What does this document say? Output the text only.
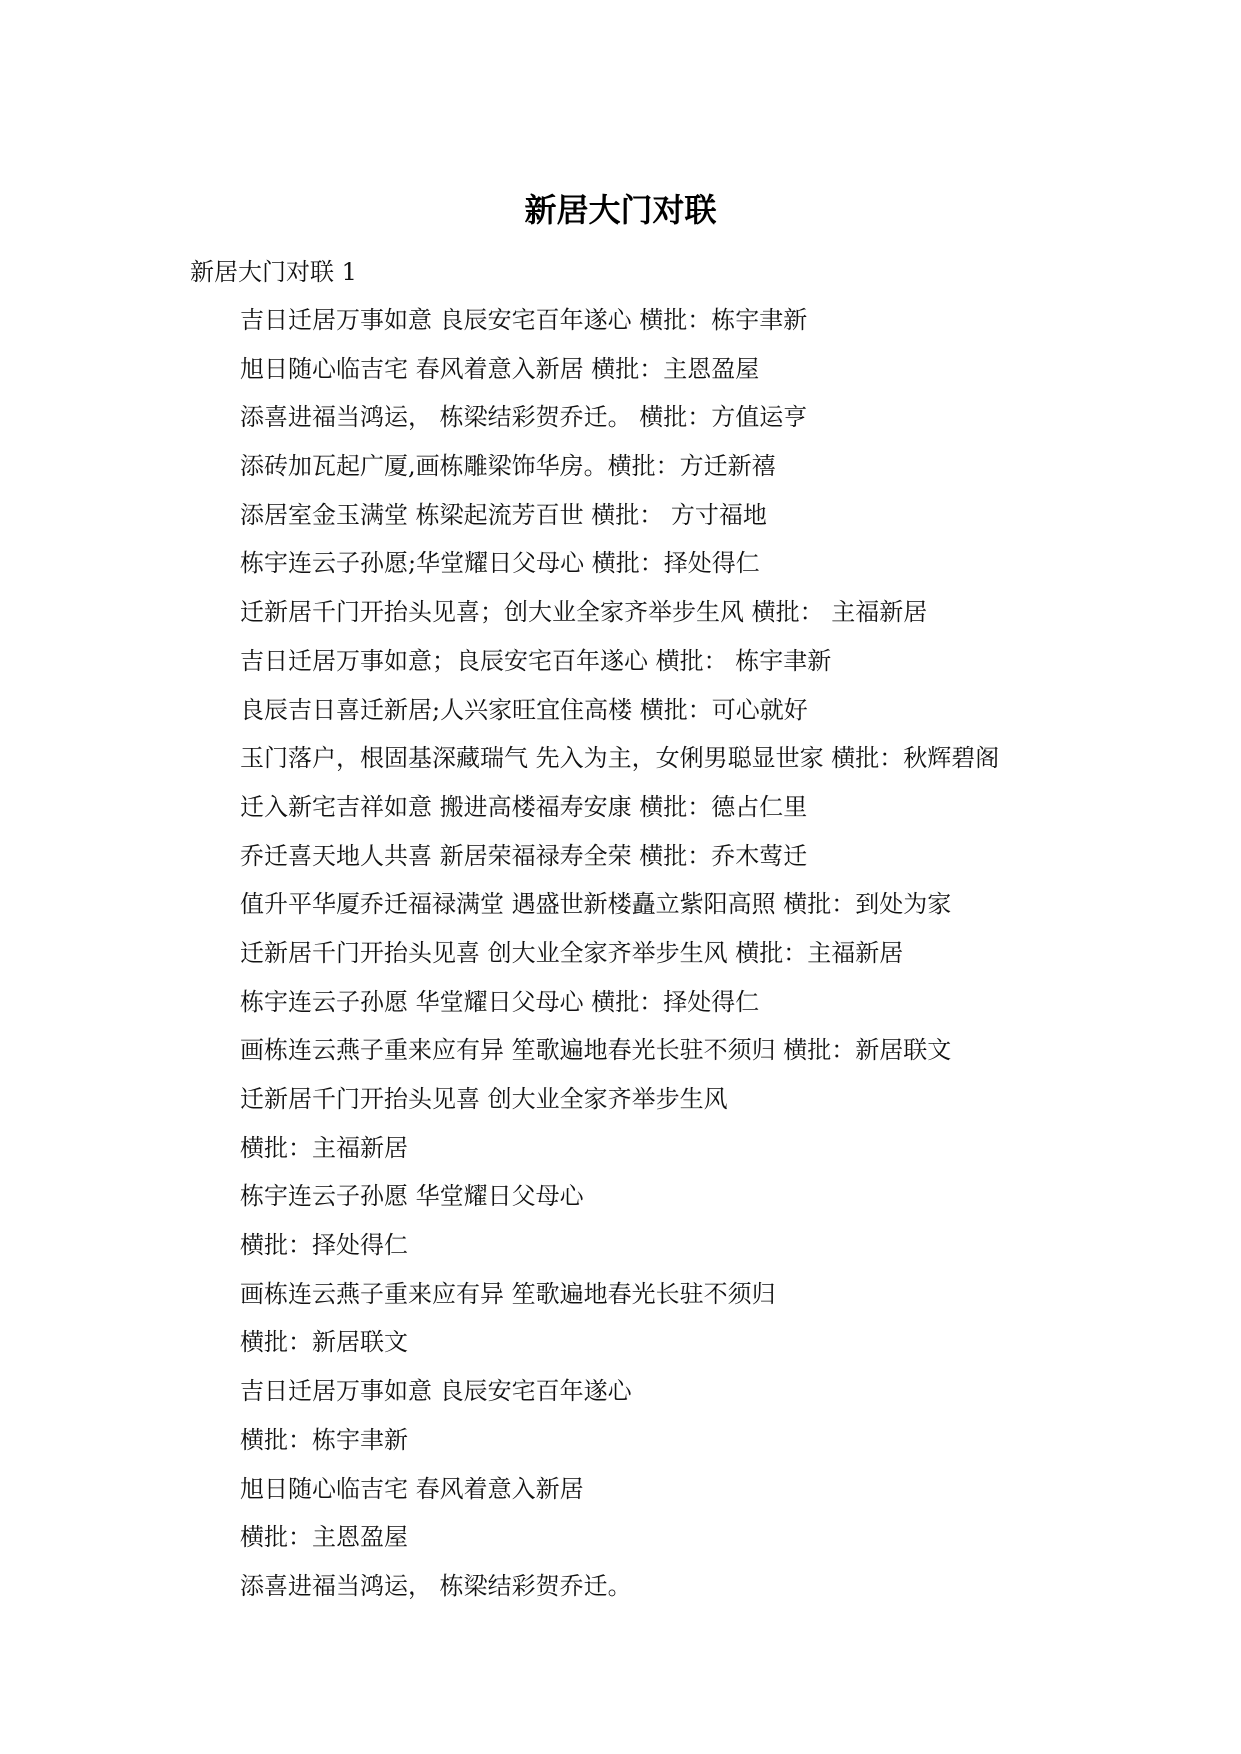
新居大门对联
新居大门对联 1
吉日迁居万事如意 良辰安宅百年遂心 横批：栋宇聿新
旭日随心临吉宅 春风着意入新居 横批：主恩盈屋
添喜进福当鸿运， 栋梁结彩贺乔迁。 横批：方值运亨
添砖加瓦起广厦,画栋雕梁饰华房。横批：方迁新禧
添居室金玉满堂 栋梁起流芳百世 横批： 方寸福地
栋宇连云子孙愿;华堂耀日父母心 横批：择处得仁
迁新居千门开抬头见喜；创大业全家齐举步生风 横批： 主福新居
吉日迁居万事如意；良辰安宅百年遂心 横批： 栋宇聿新
良辰吉日喜迁新居;人兴家旺宜住高楼 横批：可心就好
玉门落户，根固基深藏瑞气 先入为主，女俐男聪显世家 横批：秋辉碧阁
迁入新宅吉祥如意 搬进高楼福寿安康 横批：德占仁里
乔迁喜天地人共喜 新居荣福禄寿全荣 横批：乔木莺迁
值升平华厦乔迁福禄满堂 遇盛世新楼矗立紫阳高照 横批：到处为家
迁新居千门开抬头见喜 创大业全家齐举步生风 横批：主福新居
栋宇连云子孙愿 华堂耀日父母心 横批：择处得仁
画栋连云燕子重来应有异 笙歌遍地春光长驻不须归 横批：新居联文
迁新居千门开抬头见喜 创大业全家齐举步生风
横批：主福新居
栋宇连云子孙愿 华堂耀日父母心
横批：择处得仁
画栋连云燕子重来应有异 笙歌遍地春光长驻不须归
横批：新居联文
吉日迁居万事如意 良辰安宅百年遂心
横批：栋宇聿新
旭日随心临吉宅 春风着意入新居
横批：主恩盈屋
添喜进福当鸿运， 栋梁结彩贺乔迁。
